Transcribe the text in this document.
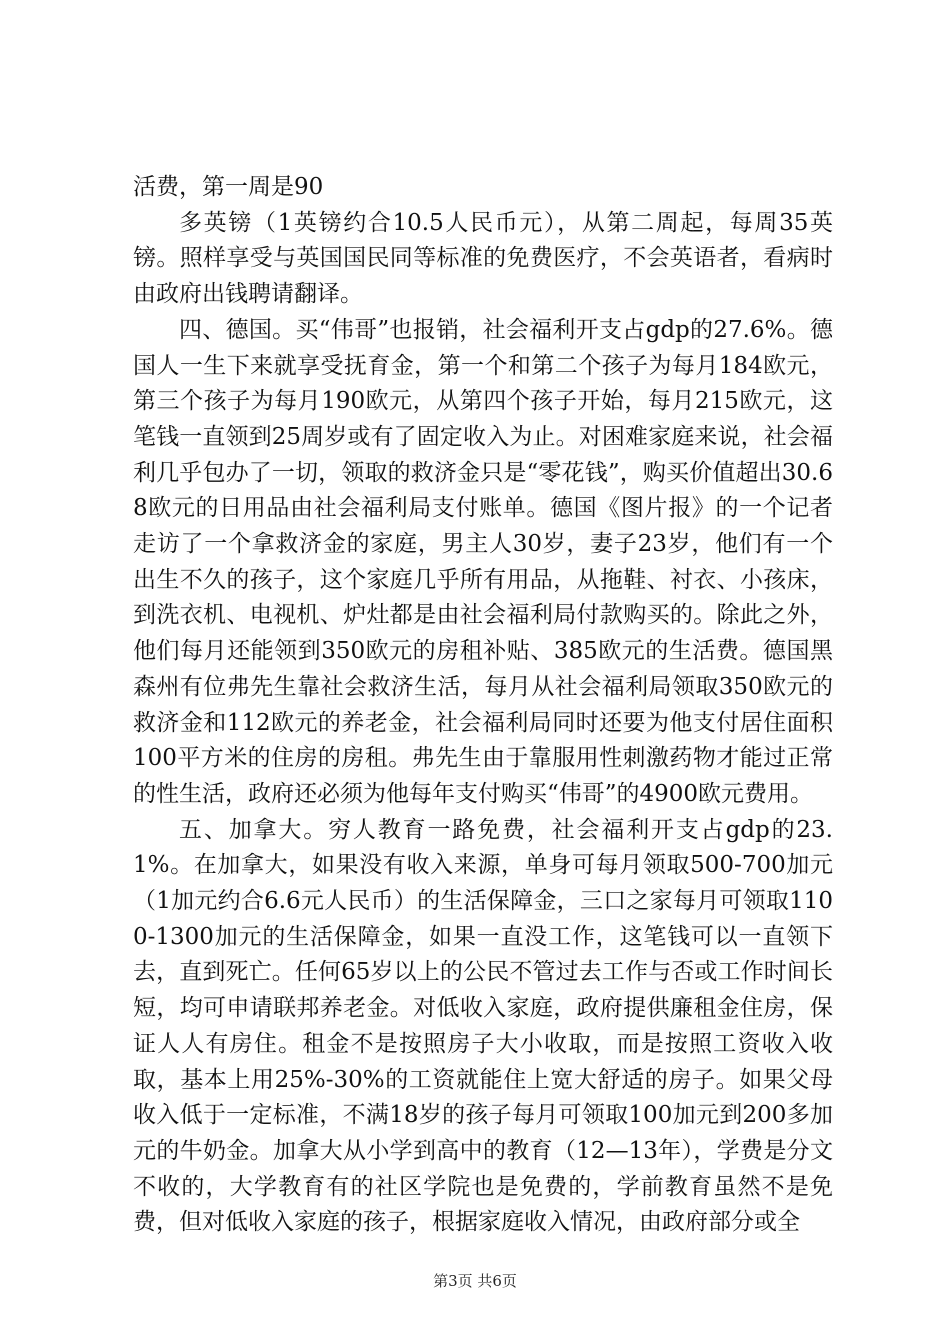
活费，第一周是90

多英镑（1英镑约合10.5人民币元），从第二周起，每周35英镑。照样享受与英国国民同等标准的免费医疗，不会英语者，看病时由政府出钱聘请翻译。

四、德国。买“伟哥”也报销，社会福利开支占gdp的27.6%。德国人一生下来就享受抚育金，第一个和第二个孩子为每月184欧元，第三个孩子为每月190欧元，从第四个孩子开始，每月215欧元，这笔钱一直领到25周岁或有了固定收入为止。对困难家庭来说，社会福利几乎包办了一切，领取的救济金只是“零花钱”，购买价值超出30.68欧元的日用品由社会福利局支付账单。德国《图片报》的一个记者走访了一个拿救济金的家庭，男主人30岁，妻子23岁，他们有一个出生不久的孩子，这个家庭几乎所有用品，从拖鞋、衬衣、小孩床，到洗衣机、电视机、炉灶都是由社会福利局付款购买的。除此之外，他们每月还能领到350欧元的房租补贴、385欧元的生活费。德国黑森州有位弗先生靠社会救济生活，每月从社会福利局领取350欧元的救济金和112欧元的养老金，社会福利局同时还要为他支付居住面积100平方米的住房的房租。弗先生由于靠服用性刺激药物才能过正常的性生活，政府还必须为他每年支付购买“伟哥”的4900欧元费用。

五、加拿大。穷人教育一路免费，社会福利开支占gdp的23.1%。在加拿大，如果没有收入来源，单身可每月领取500-700加元（1加元约合6.6元人民币）的生活保障金，三口之家每月可领取1100-1300加元的生活保障金，如果一直没工作，这笔钱可以一直领下去，直到死亡。任何65岁以上的公民不管过去工作与否或工作时间长短，均可申请联邦养老金。对低收入家庭，政府提供廉租金住房，保证人人有房住。租金不是按照房子大小收取，而是按照工资收入收取，基本上用25%-30%的工资就能住上宽大舒适的房子。如果父母收入低于一定标准，不满18岁的孩子每月可领取100加元到200多加元的牛奶金。加拿大从小学到高中的教育（12—13年），学费是分文不收的，大学教育有的社区学院也是免费的，学前教育虽然不是免费，但对低收入家庭的孩子，根据家庭收入情况，由政府部分或全

第3页 共6页
